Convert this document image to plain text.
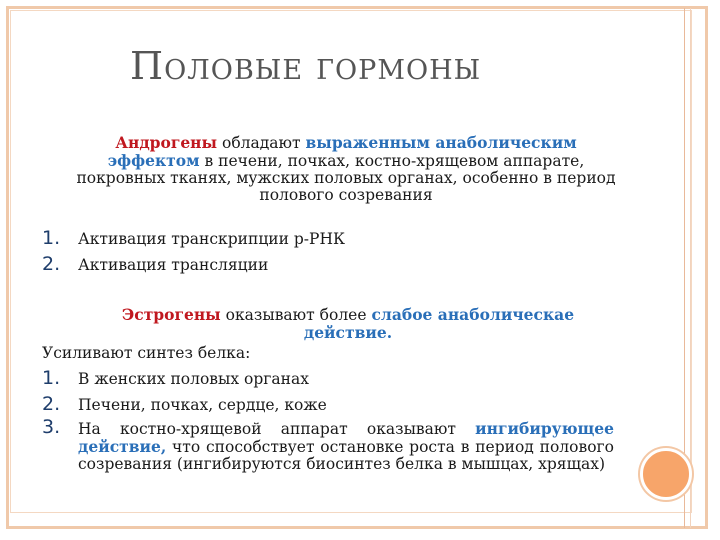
Половые гормоны
Андрогены обладают выраженным анаболическим эффектом в печени, почках, костно-хрящевом аппарате, покровных тканях, мужских половых органах, особенно в период полового созревания
1. Активация транскрипции р-РНК
2. Активация трансляции
Эстрогены оказывают более слабое анаболическае действие.
Усиливают синтез белка:
1. В женских половых органах
2. Печени, почках, сердце, коже
3.	На костно-хрящевой аппарат оказывают ингибирующее действие, что способствует остановке роста в период полового созревания (ингибируются биосинтез белка в мышцах, хрящах)
